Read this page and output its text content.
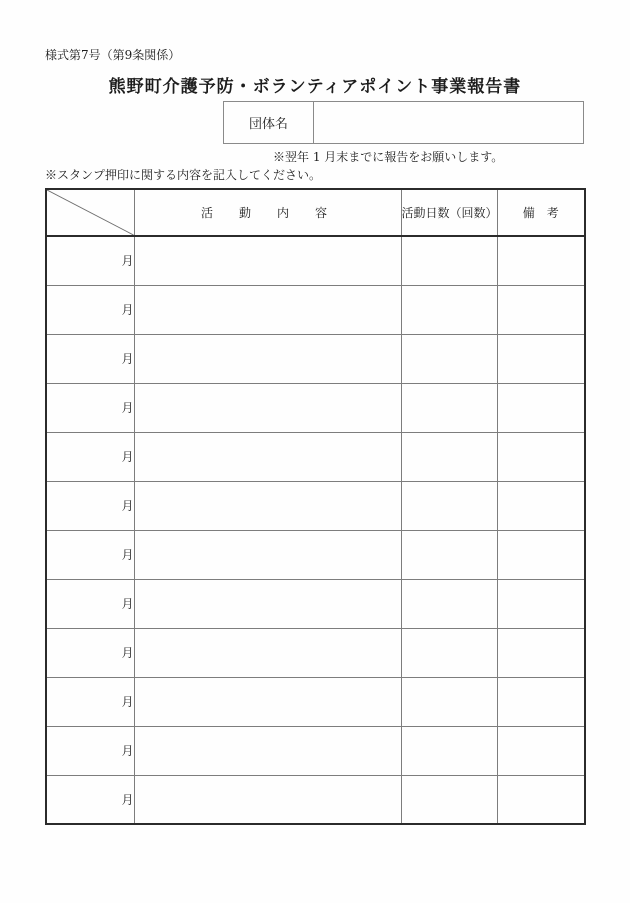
様式第7号（第9条関係）
熊野町介護予防・ボランティアポイント事業報告書
団体名
※翌年 1 月末までに報告をお願いします。
※スタンプ押印に関する内容を記入してください。
	活　動　内　容	活動日数（回数）	備　考
月			
月			
月			
月			
月			
月			
月			
月			
月			
月			
月			
月			
